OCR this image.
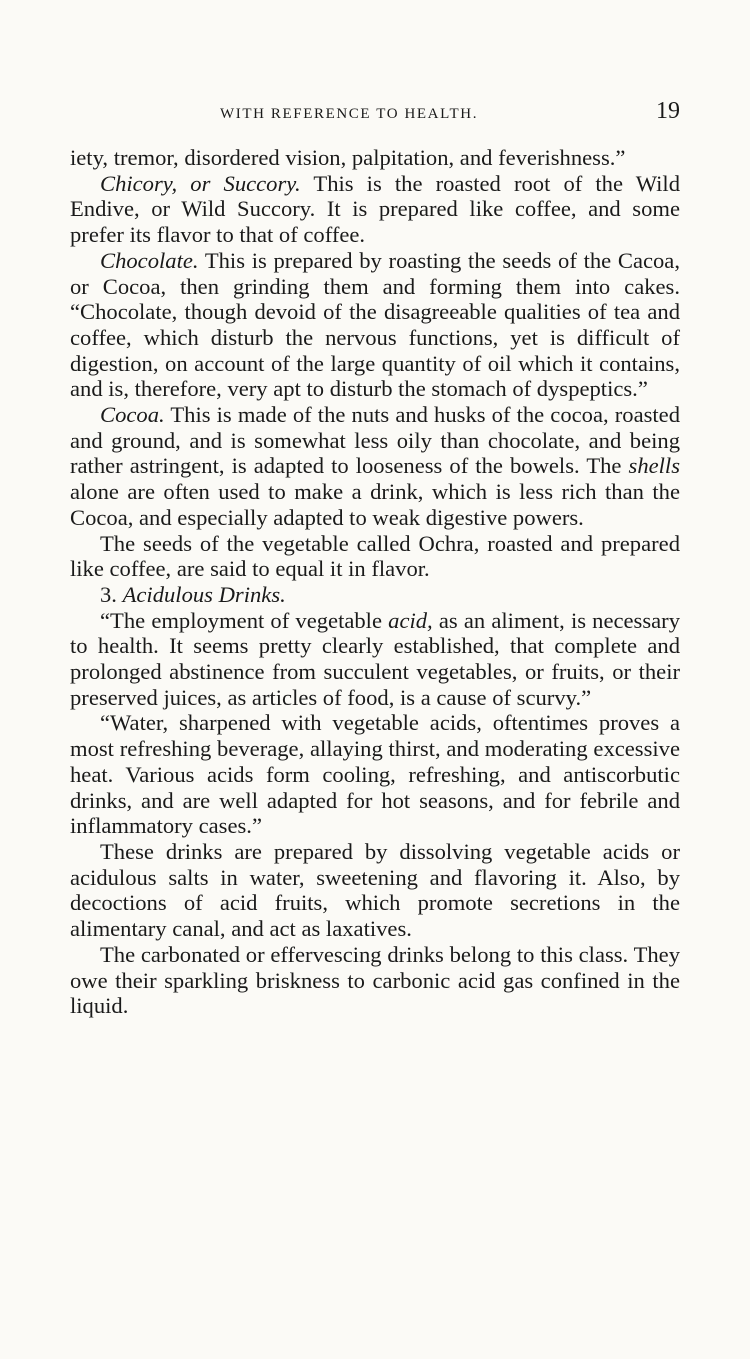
WITH REFERENCE TO HEALTH.	19

iety, tremor, disordered vision, palpitation, and feverishness.”

Chicory, or Succory. This is the roasted root of the Wild Endive, or Wild Succory. It is prepared like coffee, and some prefer its flavor to that of coffee.

Chocolate. This is prepared by roasting the seeds of the Cacoa, or Cocoa, then grinding them and forming them into cakes. “Chocolate, though devoid of the disagreeable qualities of tea and coffee, which disturb the nervous functions, yet is difficult of digestion, on account of the large quantity of oil which it contains, and is, therefore, very apt to disturb the stomach of dyspeptics.”

Cocoa. This is made of the nuts and husks of the cocoa, roasted and ground, and is somewhat less oily than chocolate, and being rather astringent, is adapted to looseness of the bowels. The shells alone are often used to make a drink, which is less rich than the Cocoa, and especially adapted to weak digestive powers.

The seeds of the vegetable called Ochra, roasted and prepared like coffee, are said to equal it in flavor.

3. Acidulous Drinks.

“The employment of vegetable acid, as an aliment, is necessary to health. It seems pretty clearly established, that complete and prolonged abstinence from succulent vegetables, or fruits, or their preserved juices, as articles of food, is a cause of scurvy.”

“Water, sharpened with vegetable acids, oftentimes proves a most refreshing beverage, allaying thirst, and moderating excessive heat. Various acids form cooling, refreshing, and antiscorbutic drinks, and are well adapted for hot seasons, and for febrile and inflammatory cases.”

These drinks are prepared by dissolving vegetable acids or acidulous salts in water, sweetening and flavoring it. Also, by decoctions of acid fruits, which promote secretions in the alimentary canal, and act as laxatives.

The carbonated or effervescing drinks belong to this class. They owe their sparkling briskness to carbonic acid gas confined in the liquid.
